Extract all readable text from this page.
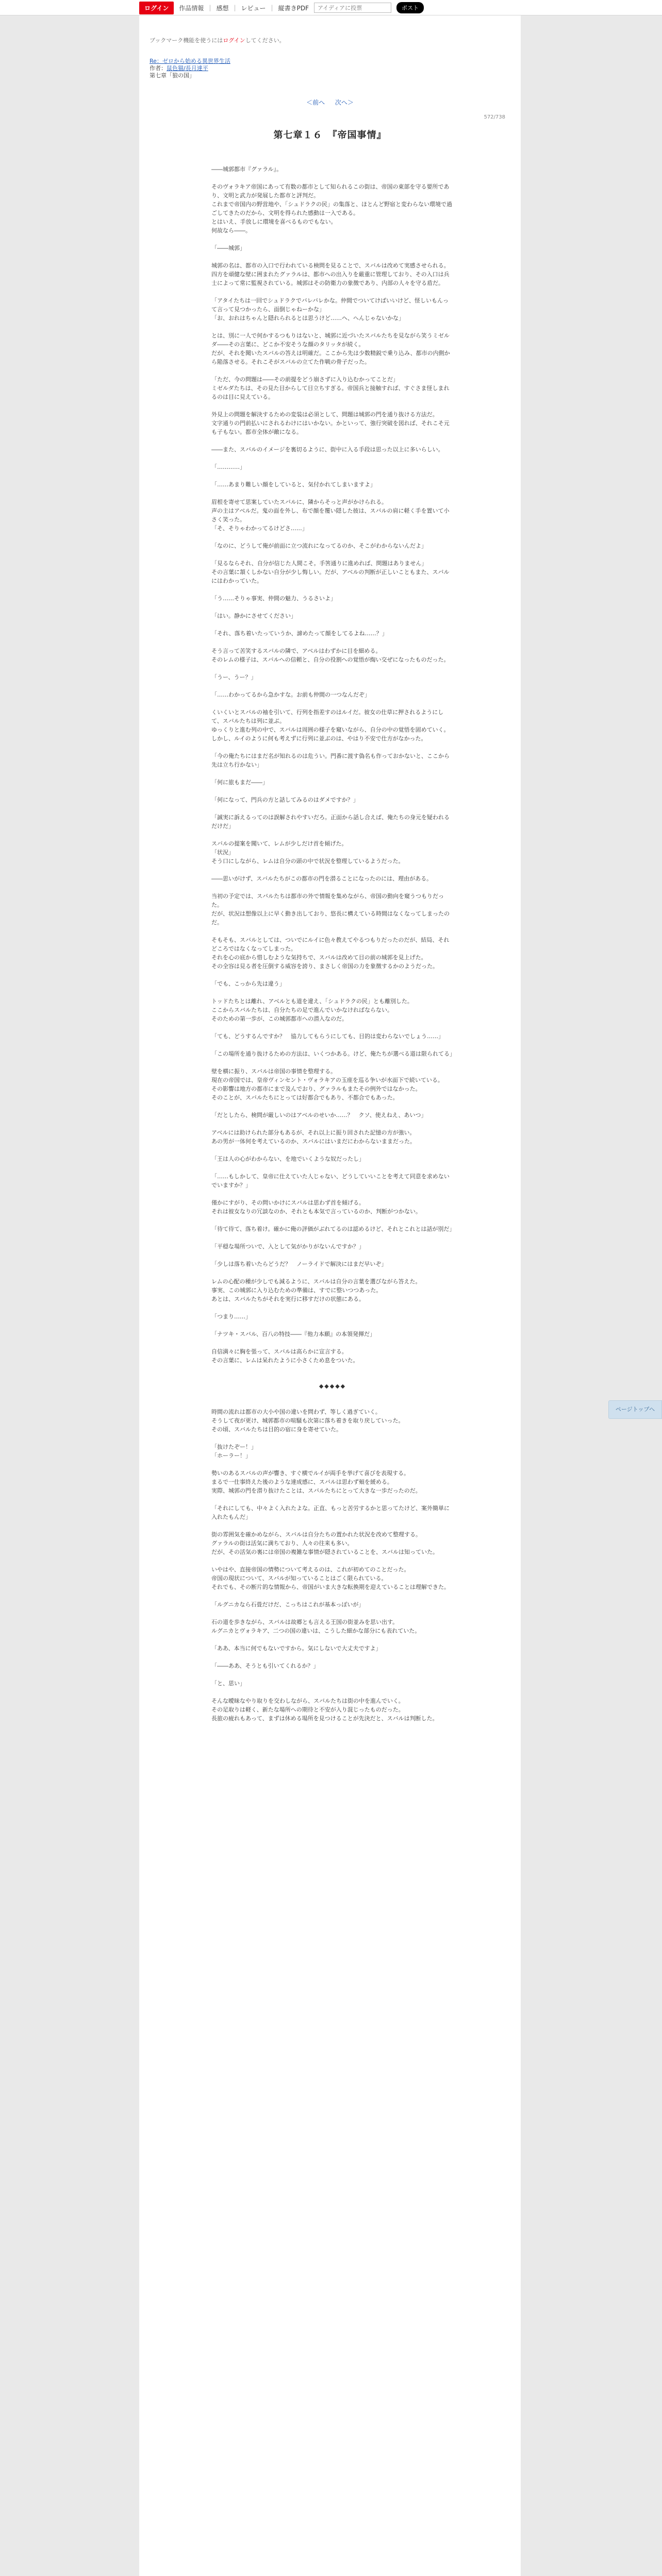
ログイン	作品情報 | 感想 | レビュー | 縦書きPDF
アイディアに投票	ポスト
ブックマーク機能を使うにはログインしてください。
Re：ゼロから始める異世界生活
作者：鼠色猫/長月達平
第七章「狼の国」
＜前へ 次へ＞
572/738
第七章１６　『帝国事情』

――城郭都市『グァラル』。

そのヴォラキア帝国にあって有数の都市として知られるこの街は、帝国の東部を守る要所であり、文明と武力が発展した都市と評判だ。

これまで帝国内の野営地や、「シュドラクの民」の集落と、ほとんど野宿と変わらない環境で過ごしてきたのだから、文明を得られた感動は一入である。

とはいえ、手放しに環境を喜べるものでもない。

何故なら――。

「――城郭」

城郭の名は、都市の入口で行われている検問を見ることで、スバルは改めて実感させられる。

四方を頑健な壁に囲まれたグァラルは、都市への出入りを厳重に管理しており、その入口は兵士によって常に監視されている。城郭はその防衛力の象徴であり、内部の人々を守る盾だ。

「アタイたちは一回でシュドラクでバレバレかな。仲間でついてけばいいけど、怪しいもんって言って見つかったら、面倒じゃねーかな」

「お、おれはちゃんと隠れられるとは思うけど……ヘ、へんじゃないかな」

とは、別に一人で何かするつもりはないと、城郭に近づいたスバルたちを見ながら笑うミゼルダ――その言葉に、どこか不安そうな顔のタリッタが続く。

だが、それを聞いたスバルの答えは明確だ。ここから先は少数精鋭で乗り込み、都市の内側から陥落させる。それこそがスバルの立てた作戦の骨子だった。

「ただ、今の問題は――その前提をどう崩さずに入り込むかってことだ」

ミゼルダたちは、その見た目からして目立ちすぎる。帝国兵と接触すれば、すぐさま怪しまれるのは目に見えている。

外見上の問題を解決するための変装は必須として、問題は城郭の門を通り抜ける方法だ。

文字通りの門前払いにされるわけにはいかない。かといって、強行突破を図れば、それこそ元も子もない。都市全体が敵になる。

――また、スバルのイメージを裏切るように、街中に入る手段は思った以上に多いらしい。

「…………」

「……あまり難しい顔をしていると、気付かれてしまいますよ」

眉根を寄せて思案していたスバルに、隣からそっと声がかけられる。

声の主はアベルだ。鬼の面を外し、布で顔を覆い隠した彼は、スバルの肩に軽く手を置いて小さく笑った。

「そ、そりゃわかってるけどさ……」

「なのに、どうして俺が前面に立つ流れになってるのか、そこがわからないんだよ」

「見るならそれ、自分が信じた人間こそ。手筈通りに進めれば、問題はありません」

その言葉に頷くしかない自分が少し悔しい。だが、アベルの判断が正しいこともまた、スバルにはわかっていた。

「う……そりゃ事実、仲間の魅力、うるさいよ」

「はい。静かにさせてください」

「それ、落ち着いたっていうか、諦めたって顔をしてるよね……？」

そう言って苦笑するスバルの隣で、アベルはわずかに目を細める。

そのレムの様子は、スバルへの信頼と、自分の役割への覚悟が綯い交ぜになったものだった。

「うー、うー？」

「……わかってるから急かすな。お前も仲間の一つなんだぞ」

くいくいとスバルの袖を引いて、行列を指差すのはルイだ。彼女の仕草に押されるようにして、スバルたちは列に並ぶ。

ゆっくりと進む列の中で、スバルは周囲の様子を窺いながら、自分の中の覚悟を固めていく。

しかし、ルイのように何も考えずに行列に並ぶのは、やはり不安で仕方がなかった。

「今の俺たちにはまだ名が知れるのは危うい。門番に渡す偽名も作っておかないと、ここから先は立ち行かない」

「何に旅もまだ――」

「何になって、門兵の方と話してみるのはダメですか？」

「誠実に訴えるってのは誤解されやすいだろ。正面から話し合えば、俺たちの身元を疑われるだけだ」

スバルの提案を聞いて、レムが少しだけ首を傾げた。

「状況」

そう口にしながら、レムは自分の頭の中で状況を整理しているようだった。

――思いがけず、スバルたちがこの都市の門を潜ることになったのには、理由がある。

当初の予定では、スバルたちは都市の外で情報を集めながら、帝国の動向を窺うつもりだった。

だが、状況は想像以上に早く動き出しており、悠長に構えている時間はなくなってしまったのだ。

そもそも、スバルとしては、ついでにルイに色々教えてやるつもりだったのだが、結局、それどころではなくなってしまった。

それを心の底から惜しむような気持ちで、スバルは改めて目の前の城郭を見上げた。

その全容は見る者を圧倒する威容を誇り、まさしく帝国の力を象徴するかのようだった。

「でも、こっから先は違う」

トッドたちとは離れ、アベルとも道を違え、「シュドラクの民」とも離別した。

ここからスバルたちは、自分たちの足で進んでいかなければならない。

そのための第一歩が、この城郭都市への潜入なのだ。

「ても、どうするんですか？　協力してもらうにしても、目的は変わらないでしょう……」

「この場所を通り抜けるための方法は、いくつかある。けど、俺たちが選べる道は限られてる」

壁を横に振り、スバルは帝国の事情を整理する。

現在の帝国では、皇帝ヴィンセント・ヴォラキアの玉座を巡る争いが水面下で続いている。

その影響は地方の都市にまで及んでおり、グァラルもまたその例外ではなかった。

そのことが、スバルたちにとっては好都合でもあり、不都合でもあった。

「だとしたら、検問が厳しいのはアベルのせいか……？　クソ、使えねえ、あいつ」

アベルには助けられた部分もあるが、それ以上に振り回された記憶の方が強い。

あの男が一体何を考えているのか、スバルにはいまだにわからないままだった。

「王は人の心がわからない、を地でいくような奴だったし」

「……もしかして、皇帝に仕えていた人じゃない、どうしていいことを考えて同意を求めないでいますか？」

僅かにすがり、その問いかけにスバルは思わず首を傾げる。

それは彼女なりの冗談なのか、それとも本気で言っているのか、判断がつかない。

「待て待て、落ち着け。確かに俺の評価がぶれてるのは認めるけど、それとこれとは話が別だ」

「平穏な場所ついで、入として気がかりがないんですか？」

「少しは落ち着いたらどうだ？　ノーライドで解決にはまだ早いぞ」

レムの心配の種が少しでも減るように、スバルは自分の言葉を選びながら答えた。

事実、この城郭に入り込むための準備は、すでに整いつつあった。

あとは、スバルたちがそれを実行に移すだけの状態にある。

「つまり……」

「ナツキ・スバル、百八の特技――『他力本願』の本領発揮だ」

自信満々に胸を張って、スバルは高らかに宣言する。

その言葉に、レムは呆れたように小さくため息をついた。

◆◆◆◆◆

時間の流れは都市の大小や国の違いを問わず、等しく過ぎていく。

そうして夜が更け、城郭都市の喧騒も次第に落ち着きを取り戻していった。

その頃、スバルたちは目的の宿に身を寄せていた。

「抜けたぞー！」

「ホーラー！」

勢いのあるスバルの声が響き、すぐ横でルイが両手を挙げて喜びを表現する。

まるで一仕事終えた後のような達成感に、スバルは思わず頬を緩める。

実際、城郭の門を潜り抜けたことは、スバルたちにとって大きな一歩だったのだ。

「それにしても、中々よく入れたよな。正直、もっと苦労するかと思ってたけど、案外簡単に入れたもんだ」

街の雰囲気を確かめながら、スバルは自分たちの置かれた状況を改めて整理する。

グァラルの街は活気に満ちており、人々の往来も多い。

だが、その活気の裏には帝国の複雑な事情が隠されていることを、スバルは知っていた。

いやはや、直接帝国の情勢について考えるのは、これが初めてのことだった。

帝国の現状について、スバルが知っていることはごく限られている。

それでも、その断片的な情報から、帝国がいま大きな転換期を迎えていることは理解できた。

「ルグニカなら石畳だけだ、こっちはこれが基本っぽいが」

石の道を歩きながら、スバルは故郷とも言える王国の街並みを思い出す。

ルグニカとヴォラキア、二つの国の違いは、こうした細かな部分にも表れていた。

「ああ、本当に何でもないですから。気にしないで大丈夫ですよ」

「――ああ、そうとも引いてくれるか？」

「と、思い」

そんな曖昧なやり取りを交わしながら、スバルたちは街の中を進んでいく。

その足取りは軽く、新たな場所への期待と不安が入り混じったものだった。

長旅の疲れもあって、まずは休める場所を見つけることが先決だと、スバルは判断した。

ページトップへ
